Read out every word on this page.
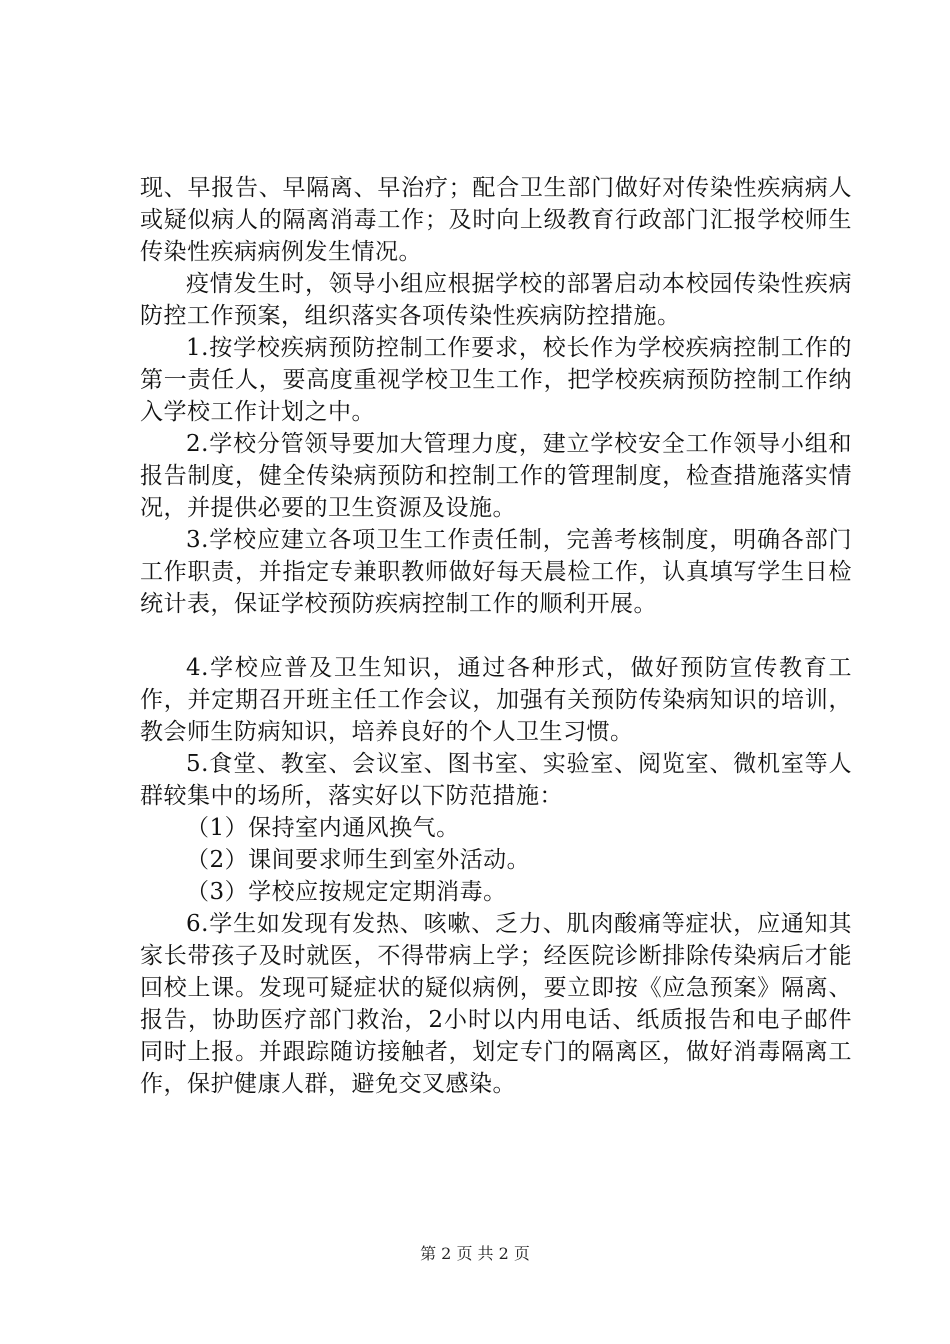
现、早报告、早隔离、早治疗；配合卫生部门做好对传染性疾病病人或疑似病人的隔离消毒工作；及时向上级教育行政部门汇报学校师生传染性疾病病例发生情况。

疫情发生时，领导小组应根据学校的部署启动本校园传染性疾病防控工作预案，组织落实各项传染性疾病防控措施。

1.按学校疾病预防控制工作要求，校长作为学校疾病控制工作的第一责任人，要高度重视学校卫生工作，把学校疾病预防控制工作纳入学校工作计划之中。

2.学校分管领导要加大管理力度，建立学校安全工作领导小组和报告制度，健全传染病预防和控制工作的管理制度，检查措施落实情况，并提供必要的卫生资源及设施。

3.学校应建立各项卫生工作责任制，完善考核制度，明确各部门工作职责，并指定专兼职教师做好每天晨检工作，认真填写学生日检统计表，保证学校预防疾病控制工作的顺利开展。

4.学校应普及卫生知识，通过各种形式，做好预防宣传教育工作，并定期召开班主任工作会议，加强有关预防传染病知识的培训，教会师生防病知识，培养良好的个人卫生习惯。

5.食堂、教室、会议室、图书室、实验室、阅览室、微机室等人群较集中的场所，落实好以下防范措施：

（1）保持室内通风换气。

（2）课间要求师生到室外活动。

（3）学校应按规定定期消毒。

6.学生如发现有发热、咳嗽、乏力、肌肉酸痛等症状，应通知其家长带孩子及时就医，不得带病上学；经医院诊断排除传染病后才能回校上课。发现可疑症状的疑似病例，要立即按《应急预案》隔离、报告，协助医疗部门救治，2小时以内用电话、纸质报告和电子邮件同时上报。并跟踪随访接触者，划定专门的隔离区，做好消毒隔离工作，保护健康人群，避免交叉感染。

第 2 页 共 2 页
